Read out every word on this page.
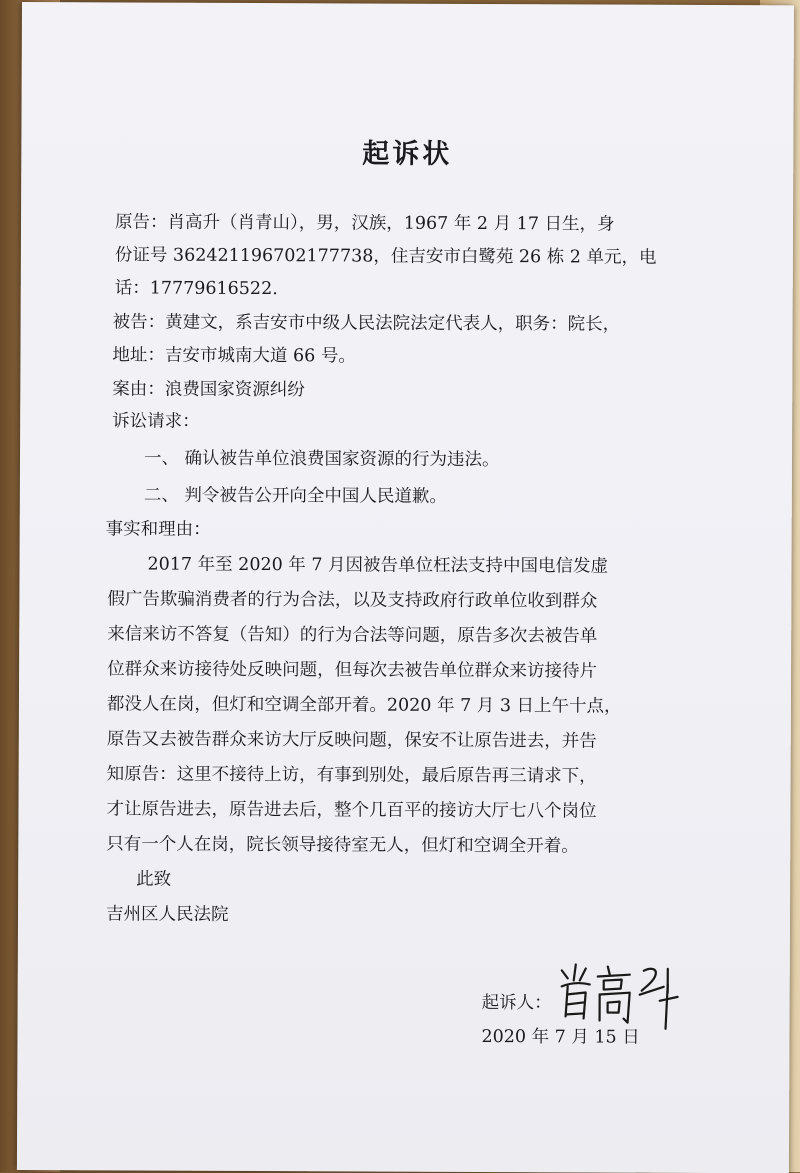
起诉状
原告：肖高升（肖青山），男，汉族，1967 年 2 月 17 日生，身
份证号 362421196702177738，住吉安市白鹭苑 26 栋 2 单元，电
话：17779616522.
被告：黄建文，系吉安市中级人民法院法定代表人，职务：院长，
地址：吉安市城南大道 66 号。
案由：浪费国家资源纠纷
诉讼请求：
一、 确认被告单位浪费国家资源的行为违法。
二、 判令被告公开向全中国人民道歉。
事实和理由：
2017 年至 2020 年 7 月因被告单位枉法支持中国电信发虚
假广告欺骗消费者的行为合法，以及支持政府行政单位收到群众
来信来访不答复（告知）的行为合法等问题，原告多次去被告单
位群众来访接待处反映问题，但每次去被告单位群众来访接待片
都没人在岗，但灯和空调全部开着。2020 年 7 月 3 日上午十点，
原告又去被告群众来访大厅反映问题，保安不让原告进去，并告
知原告：这里不接待上访，有事到别处，最后原告再三请求下，
才让原告进去，原告进去后，整个几百平的接访大厅七八个岗位
只有一个人在岗，院长领导接待室无人，但灯和空调全开着。
此致
吉州区人民法院
起诉人：
2020 年 7 月 15 日
